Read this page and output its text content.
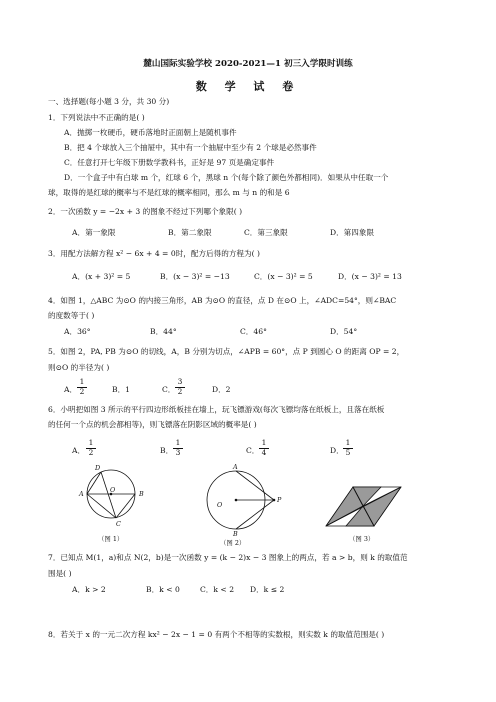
麓山国际实验学校 2020-2021—1 初三入学限时训练
数 学 试 卷
一、选择题(每小题 3 分，共 30 分)
1．下列说法中不正确的是( )
A．抛掷一枚硬币，硬币落地时正面朝上是随机事件
B．把 4 个球放入三个抽屉中，其中有一个抽屉中至少有 2 个球是必然事件
C．任意打开七年级下册数学教科书，正好是 97 页是确定事件
D．一个盒子中有白球 m 个，红球 6 个，黑球 n 个(每个除了颜色外都相同)．如果从中任取一个
球，取得的是红球的概率与不是红球的概率相同，那么 m 与 n 的和是 6
2．一次函数 y = −2x + 3 的图象不经过下列哪个象限( )
A．第一象限	B．第二象限	C．第三象限	D．第四象限
3．用配方法解方程 x² − 6x + 4 = 0时，配方后得的方程为( )
A．(x + 3)² = 5	B．(x − 3)² = −13	C．(x − 3)² = 5	D．(x − 3)² = 13
4．如图 1，△ABC 为⊙O 的内接三角形，AB 为⊙O 的直径，点 D 在⊙O 上，∠ADC=54°，则∠BAC
的度数等于( )
A．36°	B．44°	C．46°	D．54°
5．如图 2，PA, PB 为⊙O 的切线，A，B 分别为切点，∠APB = 60°，点 P 到圆心 O 的距离 OP = 2，
则⊙O 的半径为( )
A．
1
2	B．1	C．
3
2	D．2
6．小明把如图 3 所示的平行四边形纸板挂在墙上，玩飞镖游戏(每次飞镖均落在纸板上，且落在纸板
的任何一个点的机会都相等)，则飞镖落在阴影区域的概率是( )
A．
1
2	B．
1
3	C．
1
4	D．
1
5
D
A	O	B
C
（图 1）
A
O
P
B
（图 2）	（图 3）
7．已知点 M(1，a)和点 N(2，b)是一次函数 y = (k − 2)x − 3 图象上的两点，若 a > b，则 k 的取值范
围是( )
A．k > 2	B．k < 0	C．k < 2 D．k ≤ 2
8．若关于 x 的一元二次方程 kx² − 2x − 1 = 0 有两个不相等的实数根，则实数 k 的取值范围是( )
